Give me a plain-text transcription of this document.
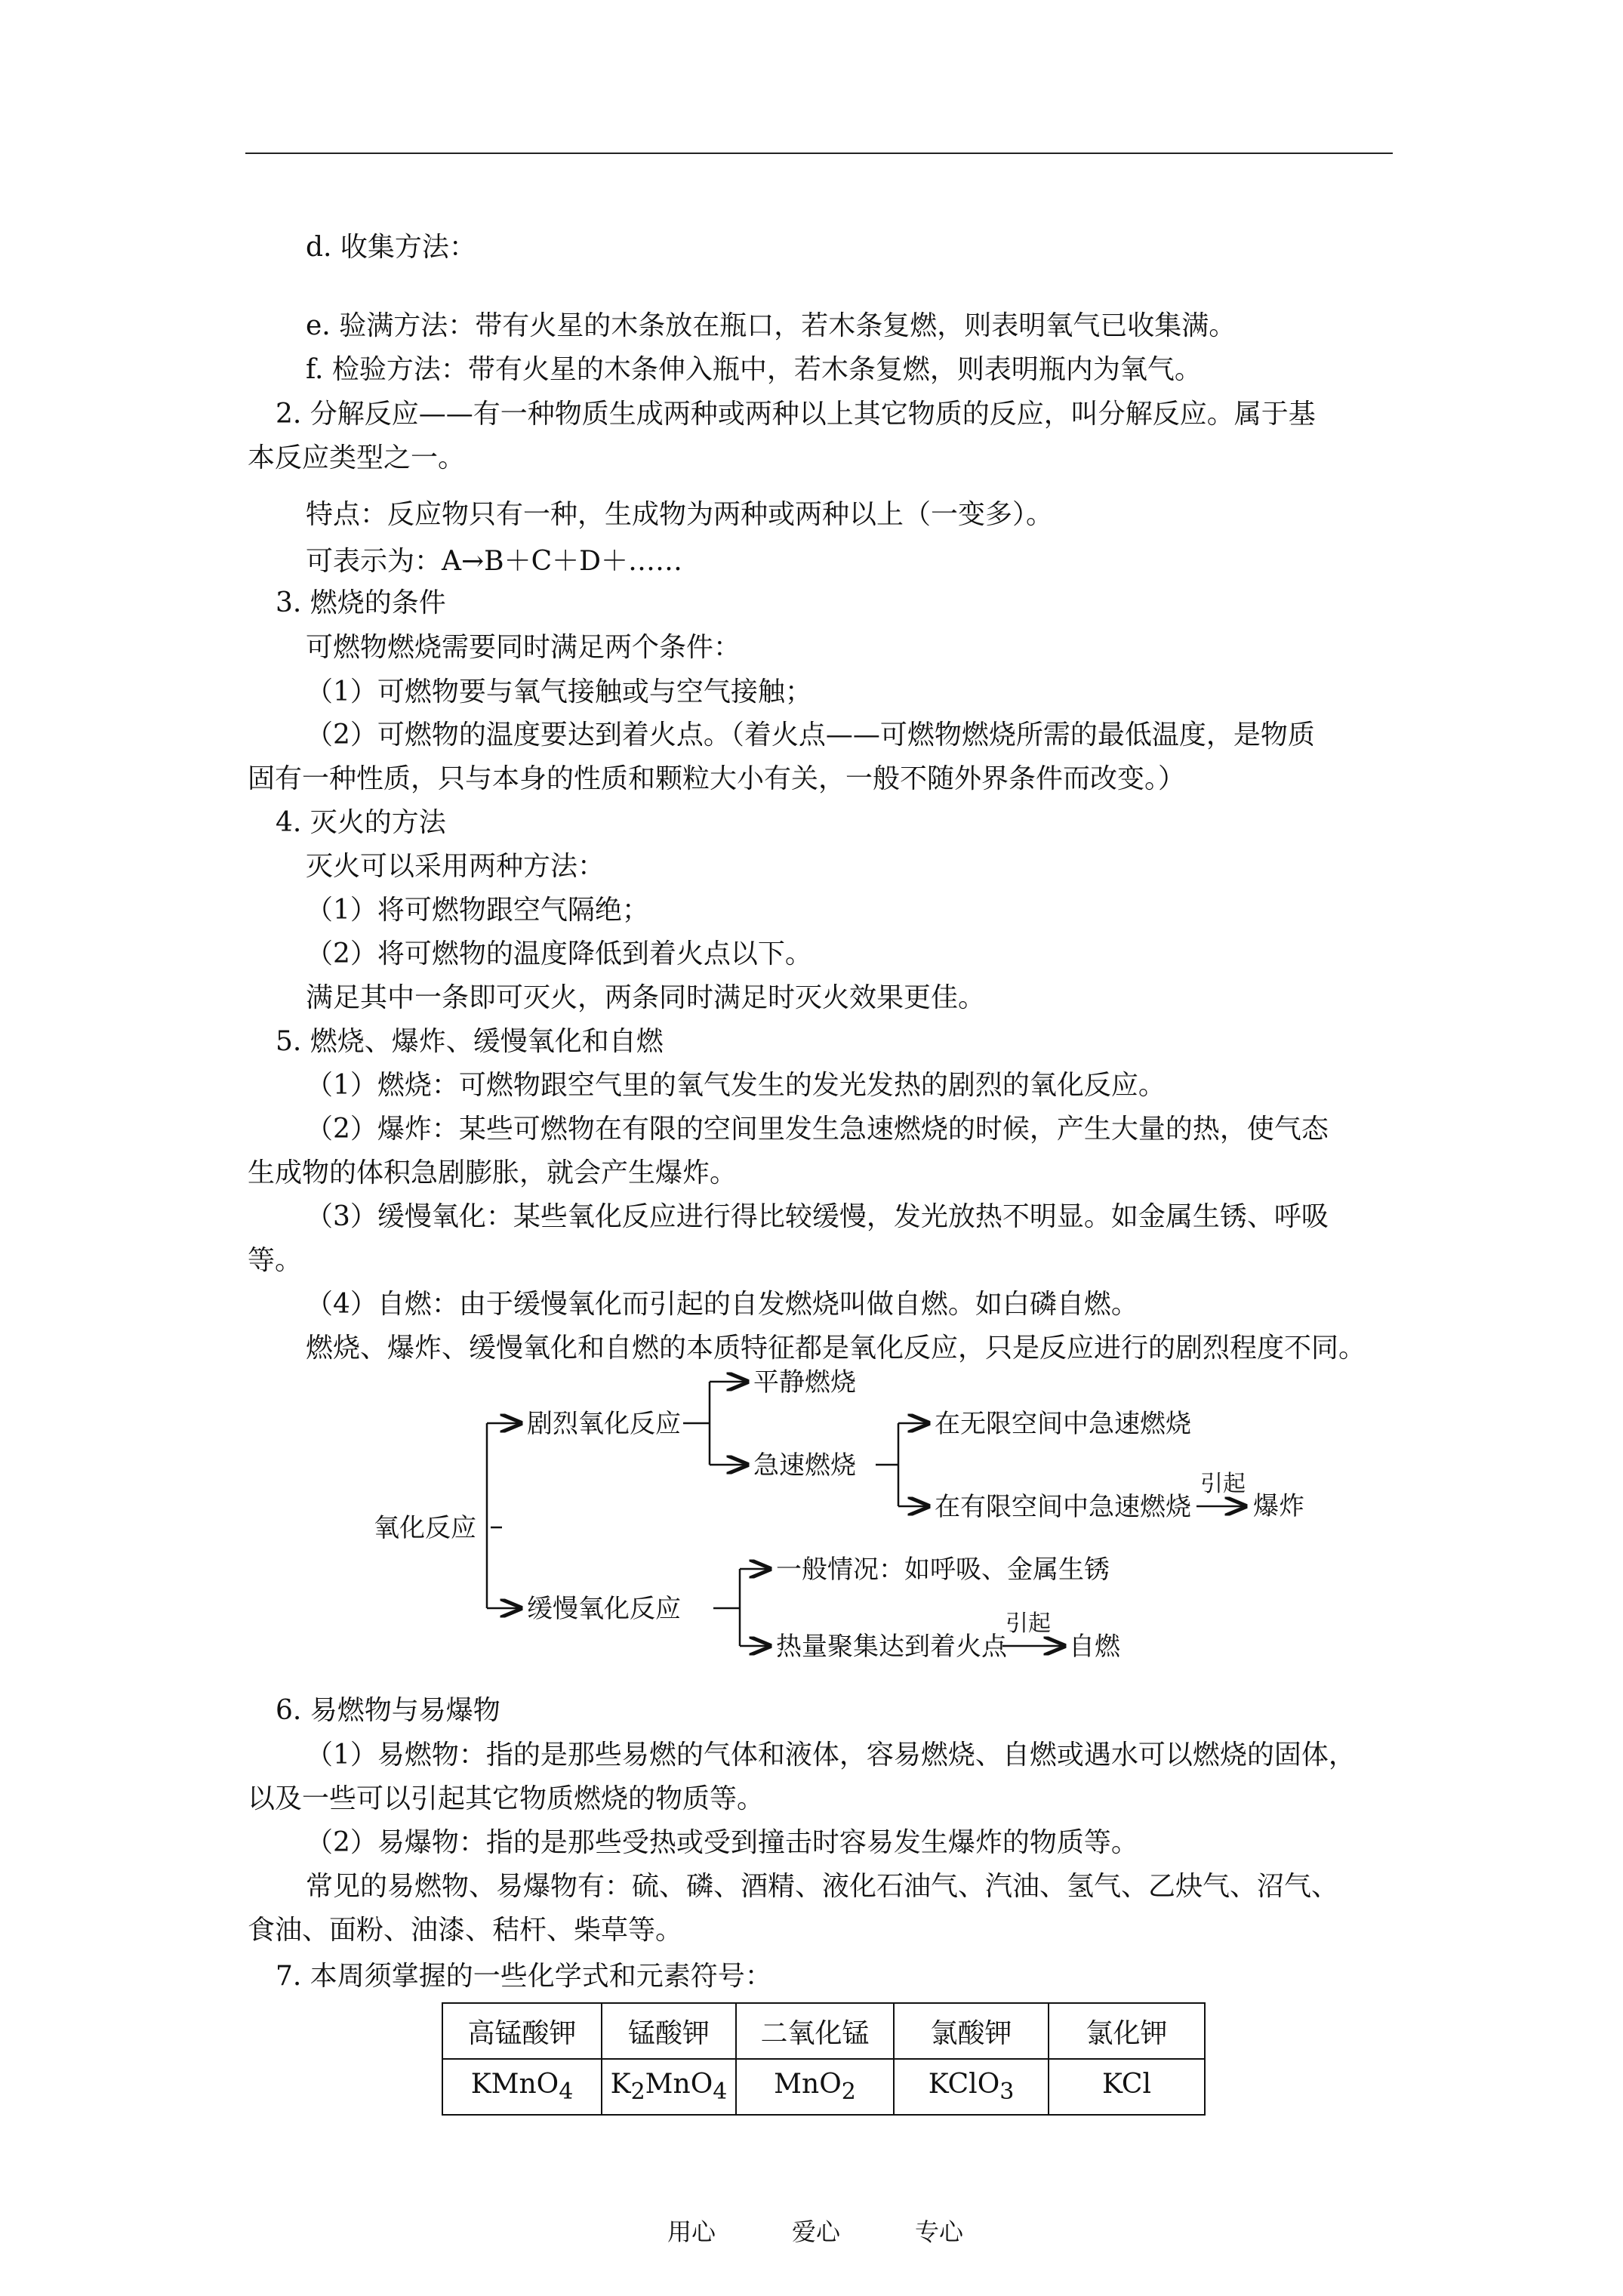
d. 收集方法：
e. 验满方法：带有火星的木条放在瓶口，若木条复燃，则表明氧气已收集满。
f. 检验方法：带有火星的木条伸入瓶中，若木条复燃，则表明瓶内为氧气。
2. 分解反应——有一种物质生成两种或两种以上其它物质的反应，叫分解反应。属于基
本反应类型之一。
特点：反应物只有一种，生成物为两种或两种以上（一变多）。
可表示为：A→B＋C＋D＋……
3. 燃烧的条件
可燃物燃烧需要同时满足两个条件：
（1）可燃物要与氧气接触或与空气接触；
（2）可燃物的温度要达到着火点。（着火点——可燃物燃烧所需的最低温度，是物质
固有一种性质，只与本身的性质和颗粒大小有关，一般不随外界条件而改变。）
4. 灭火的方法
灭火可以采用两种方法：
（1）将可燃物跟空气隔绝；
（2）将可燃物的温度降低到着火点以下。
满足其中一条即可灭火，两条同时满足时灭火效果更佳。
5. 燃烧、爆炸、缓慢氧化和自燃
（1）燃烧：可燃物跟空气里的氧气发生的发光发热的剧烈的氧化反应。
（2）爆炸：某些可燃物在有限的空间里发生急速燃烧的时候，产生大量的热，使气态
生成物的体积急剧膨胀，就会产生爆炸。
（3）缓慢氧化：某些氧化反应进行得比较缓慢，发光放热不明显。如金属生锈、呼吸
等。
（4）自燃：由于缓慢氧化而引起的自发燃烧叫做自燃。如白磷自燃。
燃烧、爆炸、缓慢氧化和自燃的本质特征都是氧化反应，只是反应进行的剧烈程度不同。
氧化反应
剧烈氧化反应
平静燃烧
急速燃烧
在无限空间中急速燃烧
在有限空间中急速燃烧
引起
缓慢氧化反应
一般情况：如呼吸、金属生锈
热量聚集达到着火点
引起
自燃
爆炸
6. 易燃物与易爆物
（1）易燃物：指的是那些易燃的气体和液体，容易燃烧、自燃或遇水可以燃烧的固体，
以及一些可以引起其它物质燃烧的物质等。
（2）易爆物：指的是那些受热或受到撞击时容易发生爆炸的物质等。
常见的易燃物、易爆物有：硫、磷、酒精、液化石油气、汽油、氢气、乙炔气、沼气、
食油、面粉、油漆、秸杆、柴草等。
7. 本周须掌握的一些化学式和元素符号：
高锰酸钾	锰酸钾	二氧化锰	氯酸钾	氯化钾
KMnO$_4$	$K_2MnO_4$	MnO$_2$	KClO$_3$	KCl
用心	爱心	专心
